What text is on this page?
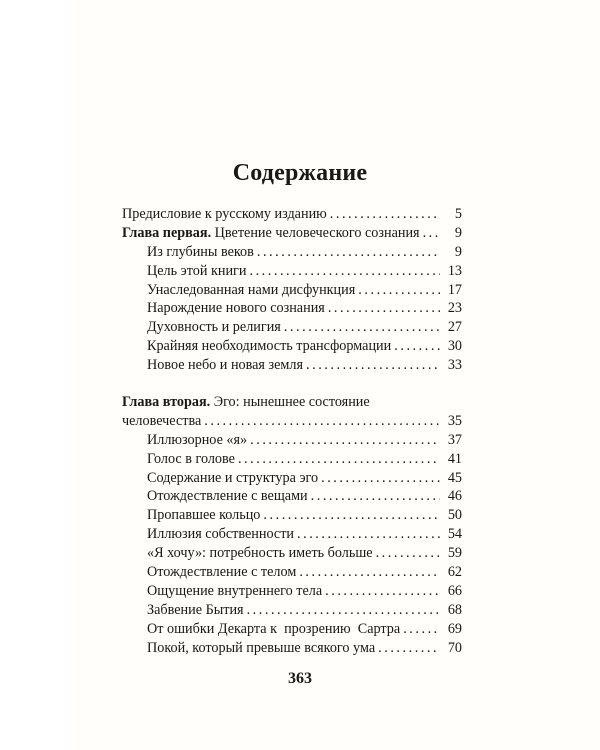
Содержание
Предисловие к русскому изданию . . .	5
Глава первая. Цветение человеческого сознания . . .	9
Из глубины веков . . .	9
Цель этой книги . . .	13
Унаследованная нами дисфункция . . .	17
Нарождение нового сознания . . .	23
Духовность и религия . . .	27
Крайняя необходимость трансформации . . .	30
Новое небо и новая земля . . .	33
Глава вторая. Эго: нынешнее состояние
человечества . . .	35
Иллюзорное «я» . . .	37
Голос в голове . . .	41
Содержание и структура эго . . .	45
Отождествление с вещами . . .	46
Пропавшее кольцо . . .	50
Иллюзия собственности . . .	54
«Я хочу»: потребность иметь больше . . .	59
Отождествление с телом . . .	62
Ощущение внутреннего тела . . .	66
Забвение Бытия . . .	68
От ошибки Декарта к  прозрению  Сартра . . .	69
Покой, который превыше всякого ума . . .	70
363
